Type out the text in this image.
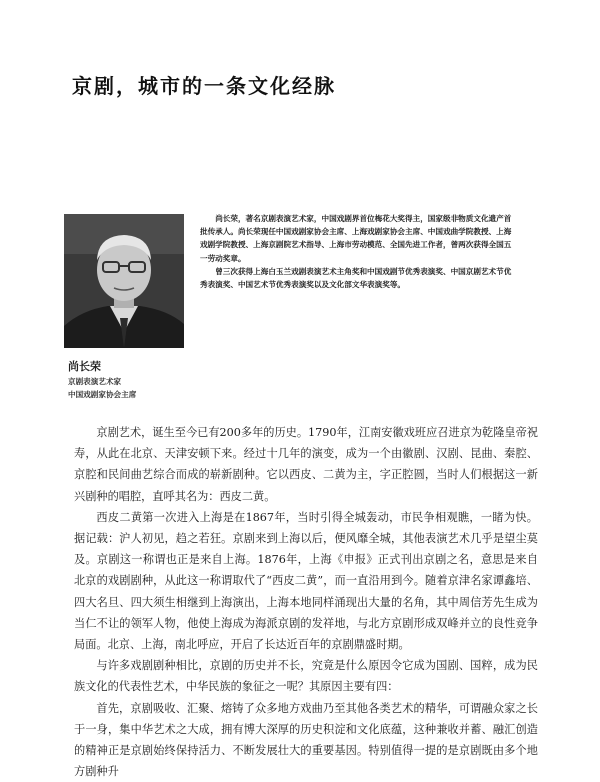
京剧，城市的一条文化经脉

尚长荣，著名京剧表演艺术家，中国戏剧界首位梅花大奖得主，国家级非物质文化遗产首批传承人。尚长荣现任中国戏剧家协会主席、上海戏剧家协会主席、中国戏曲学院教授、上海戏剧学院教授、上海京剧院艺术指导、上海市劳动模范、全国先进工作者，曾两次获得全国五一劳动奖章。

曾三次获得上海白玉兰戏剧表演艺术主角奖和中国戏剧节优秀表演奖、中国京剧艺术节优秀表演奖、中国艺术节优秀表演奖以及文化部文华表演奖等。

尚长荣
京剧表演艺术家
中国戏剧家协会主席

京剧艺术，诞生至今已有200多年的历史。1790年，江南安徽戏班应召进京为乾隆皇帝祝寿，从此在北京、天津安顿下来。经过十几年的演变，成为一个由徽剧、汉剧、昆曲、秦腔、京腔和民间曲艺综合而成的崭新剧种。它以西皮、二黄为主，字正腔圆，当时人们根据这一新兴剧种的唱腔，直呼其名为：西皮二黄。

西皮二黄第一次进入上海是在1867年，当时引得全城轰动，市民争相观瞧，一睹为快。据记载：沪人初见，趋之若狂。京剧来到上海以后，便风靡全城，其他表演艺术几乎是望尘莫及。京剧这一称谓也正是来自上海。1876年，上海《申报》正式刊出京剧之名，意思是来自北京的戏剧剧种，从此这一称谓取代了“西皮二黄”，而一直沿用到今。随着京津名家谭鑫培、四大名旦、四大须生相继到上海演出，上海本地同样涌现出大量的名角，其中周信芳先生成为当仁不让的领军人物，他使上海成为海派京剧的发祥地，与北方京剧形成双峰并立的良性竞争局面。北京、上海，南北呼应，开启了长达近百年的京剧鼎盛时期。

与许多戏剧剧种相比，京剧的历史并不长，究竟是什么原因令它成为国剧、国粹，成为民族文化的代表性艺术，中华民族的象征之一呢？其原因主要有四：

首先，京剧吸收、汇聚、熔铸了众多地方戏曲乃至其他各类艺术的精华，可谓融众家之长于一身，集中华艺术之大成，拥有博大深厚的历史积淀和文化底蕴，这种兼收并蓄、融汇创造的精神正是京剧始终保持活力、不断发展壮大的重要基因。特别值得一提的是京剧既由多个地方剧种升
